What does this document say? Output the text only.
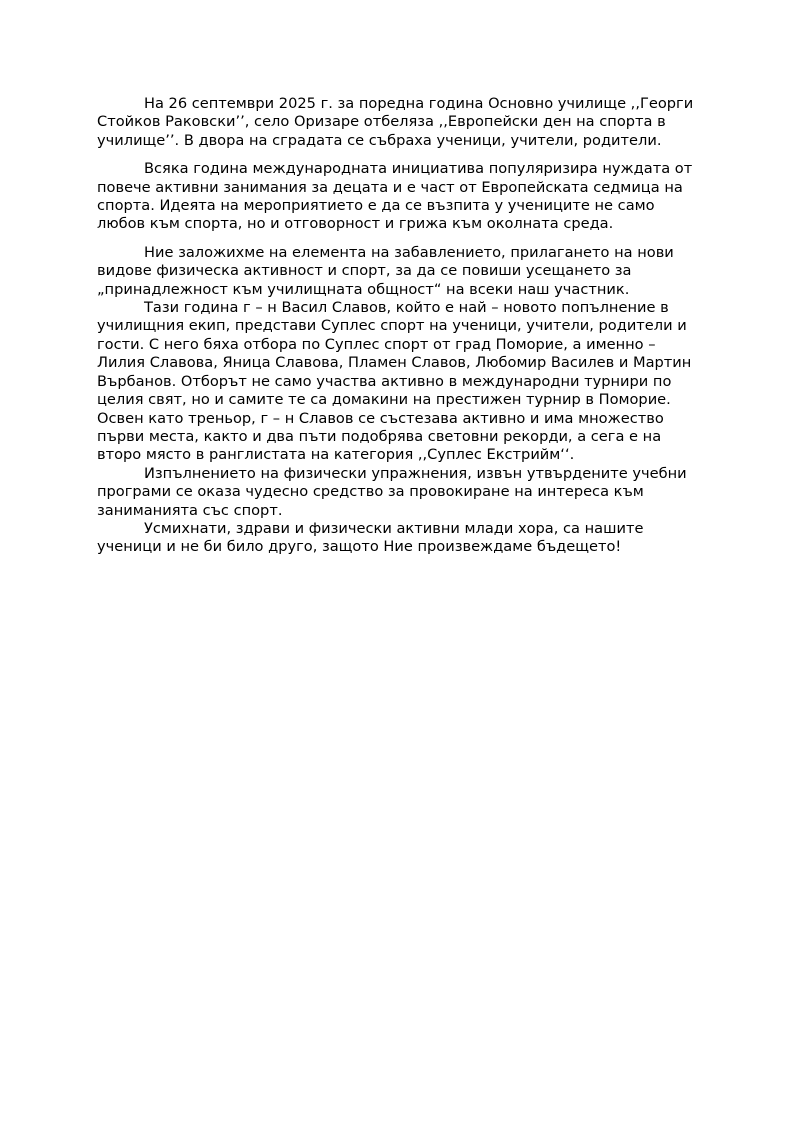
На 26 септември 2025 г. за поредна година Основно училище ,,Георги
Стойков Раковски’’, село Оризаре отбеляза ,,Европейски ден на спорта в
училище’’. В двора на сградата се събраха ученици, учители, родители.

Всяка година международната инициатива популяризира нуждата от
повече активни занимания за децата и е част от Европейската седмица на
спорта. Идеята на мероприятието е да се възпита у учениците не само
любов към спорта, но и отговорност и грижа към околната среда.

Ние заложихме на елемента на забавлението, прилагането на нови
видове физическа активност и спорт, за да се повиши усещането за
„принадлежност към училищната общност“ на всеки наш участник.

Тази година г – н Васил Славов, който е най – новото попълнение в
училищния екип, представи Суплес спорт на ученици, учители, родители и
гости. С него бяха отбора по Суплес спорт от град Поморие, а именно –
Лилия Славова, Яница Славова, Пламен Славов, Любомир Василев и Мартин
Върбанов. Отборът не само участва активно в международни турнири по
целия свят, но и самите те са домакини на престижен турнир в Поморие.
Освен като треньор, г – н Славов се състезава активно и има множество
първи места, както и два пъти подобрява световни рекорди, а сега е на
второ място в ранглистата на категория ,,Суплес Екстрийм‘‘.

Изпълнението на физически упражнения, извън утвърдените учебни
програми се оказа чудесно средство за провокиране на интереса към
заниманията със спорт.

Усмихнати, здрави и физически активни млади хора, са нашите
ученици и не би било друго, защото Ние произвеждаме бъдещето!
